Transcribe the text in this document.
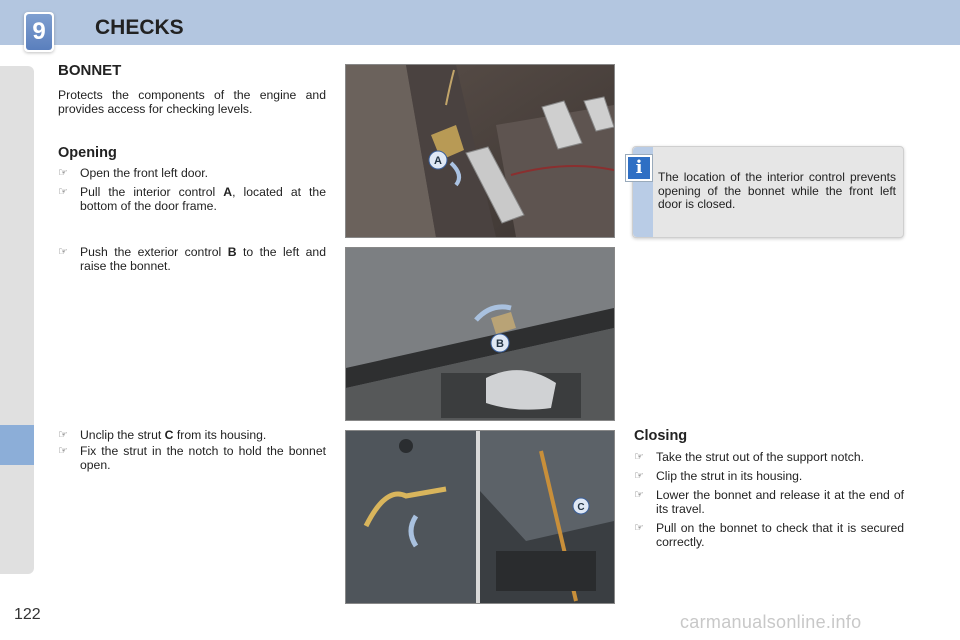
9	CHECKS
122
BONNET
Protects the components of the engine and provides access for checking levels.
Opening
☞ Open the front left door.
☞ Pull the interior control A, located at the bottom of the door frame.
☞ Push the exterior control B to the left and raise the bonnet.
☞ Unclip the strut C from its housing.
☞ Fix the strut in the notch to hold the bonnet open.
A
B
C
i	The location of the interior control prevents opening of the bonnet while the front left door is closed.
Closing
☞ Take the strut out of the support notch.
☞ Clip the strut in its housing.
☞ Lower the bonnet and release it at the end of its travel.
☞ Pull on the bonnet to check that it is secured correctly.
carmanualsonline.info
